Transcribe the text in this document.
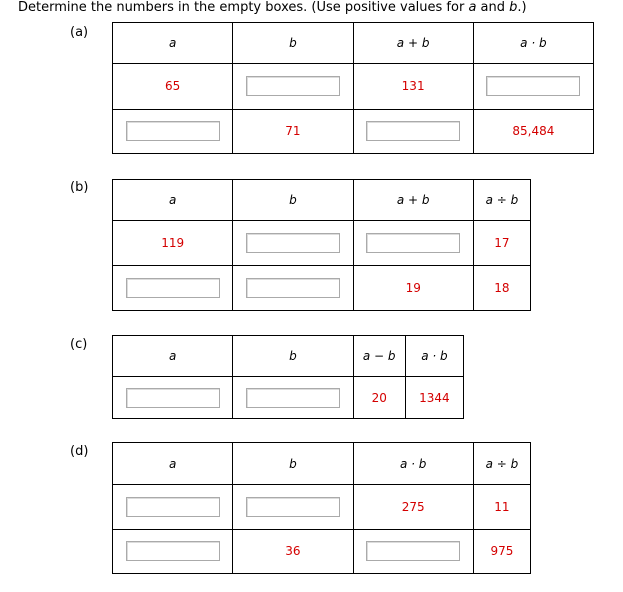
Determine the numbers in the empty boxes. (Use positive values for a and b.)
(a)
a	b	a + b	a · b
65		131	
	71		85,484
(b)
a	b	a + b	a ÷ b
119			17
		19	18
(c)
a	b	a − b	a · b
		20	1344
(d)
a	b	a · b	a ÷ b
		275	11
	36		975
